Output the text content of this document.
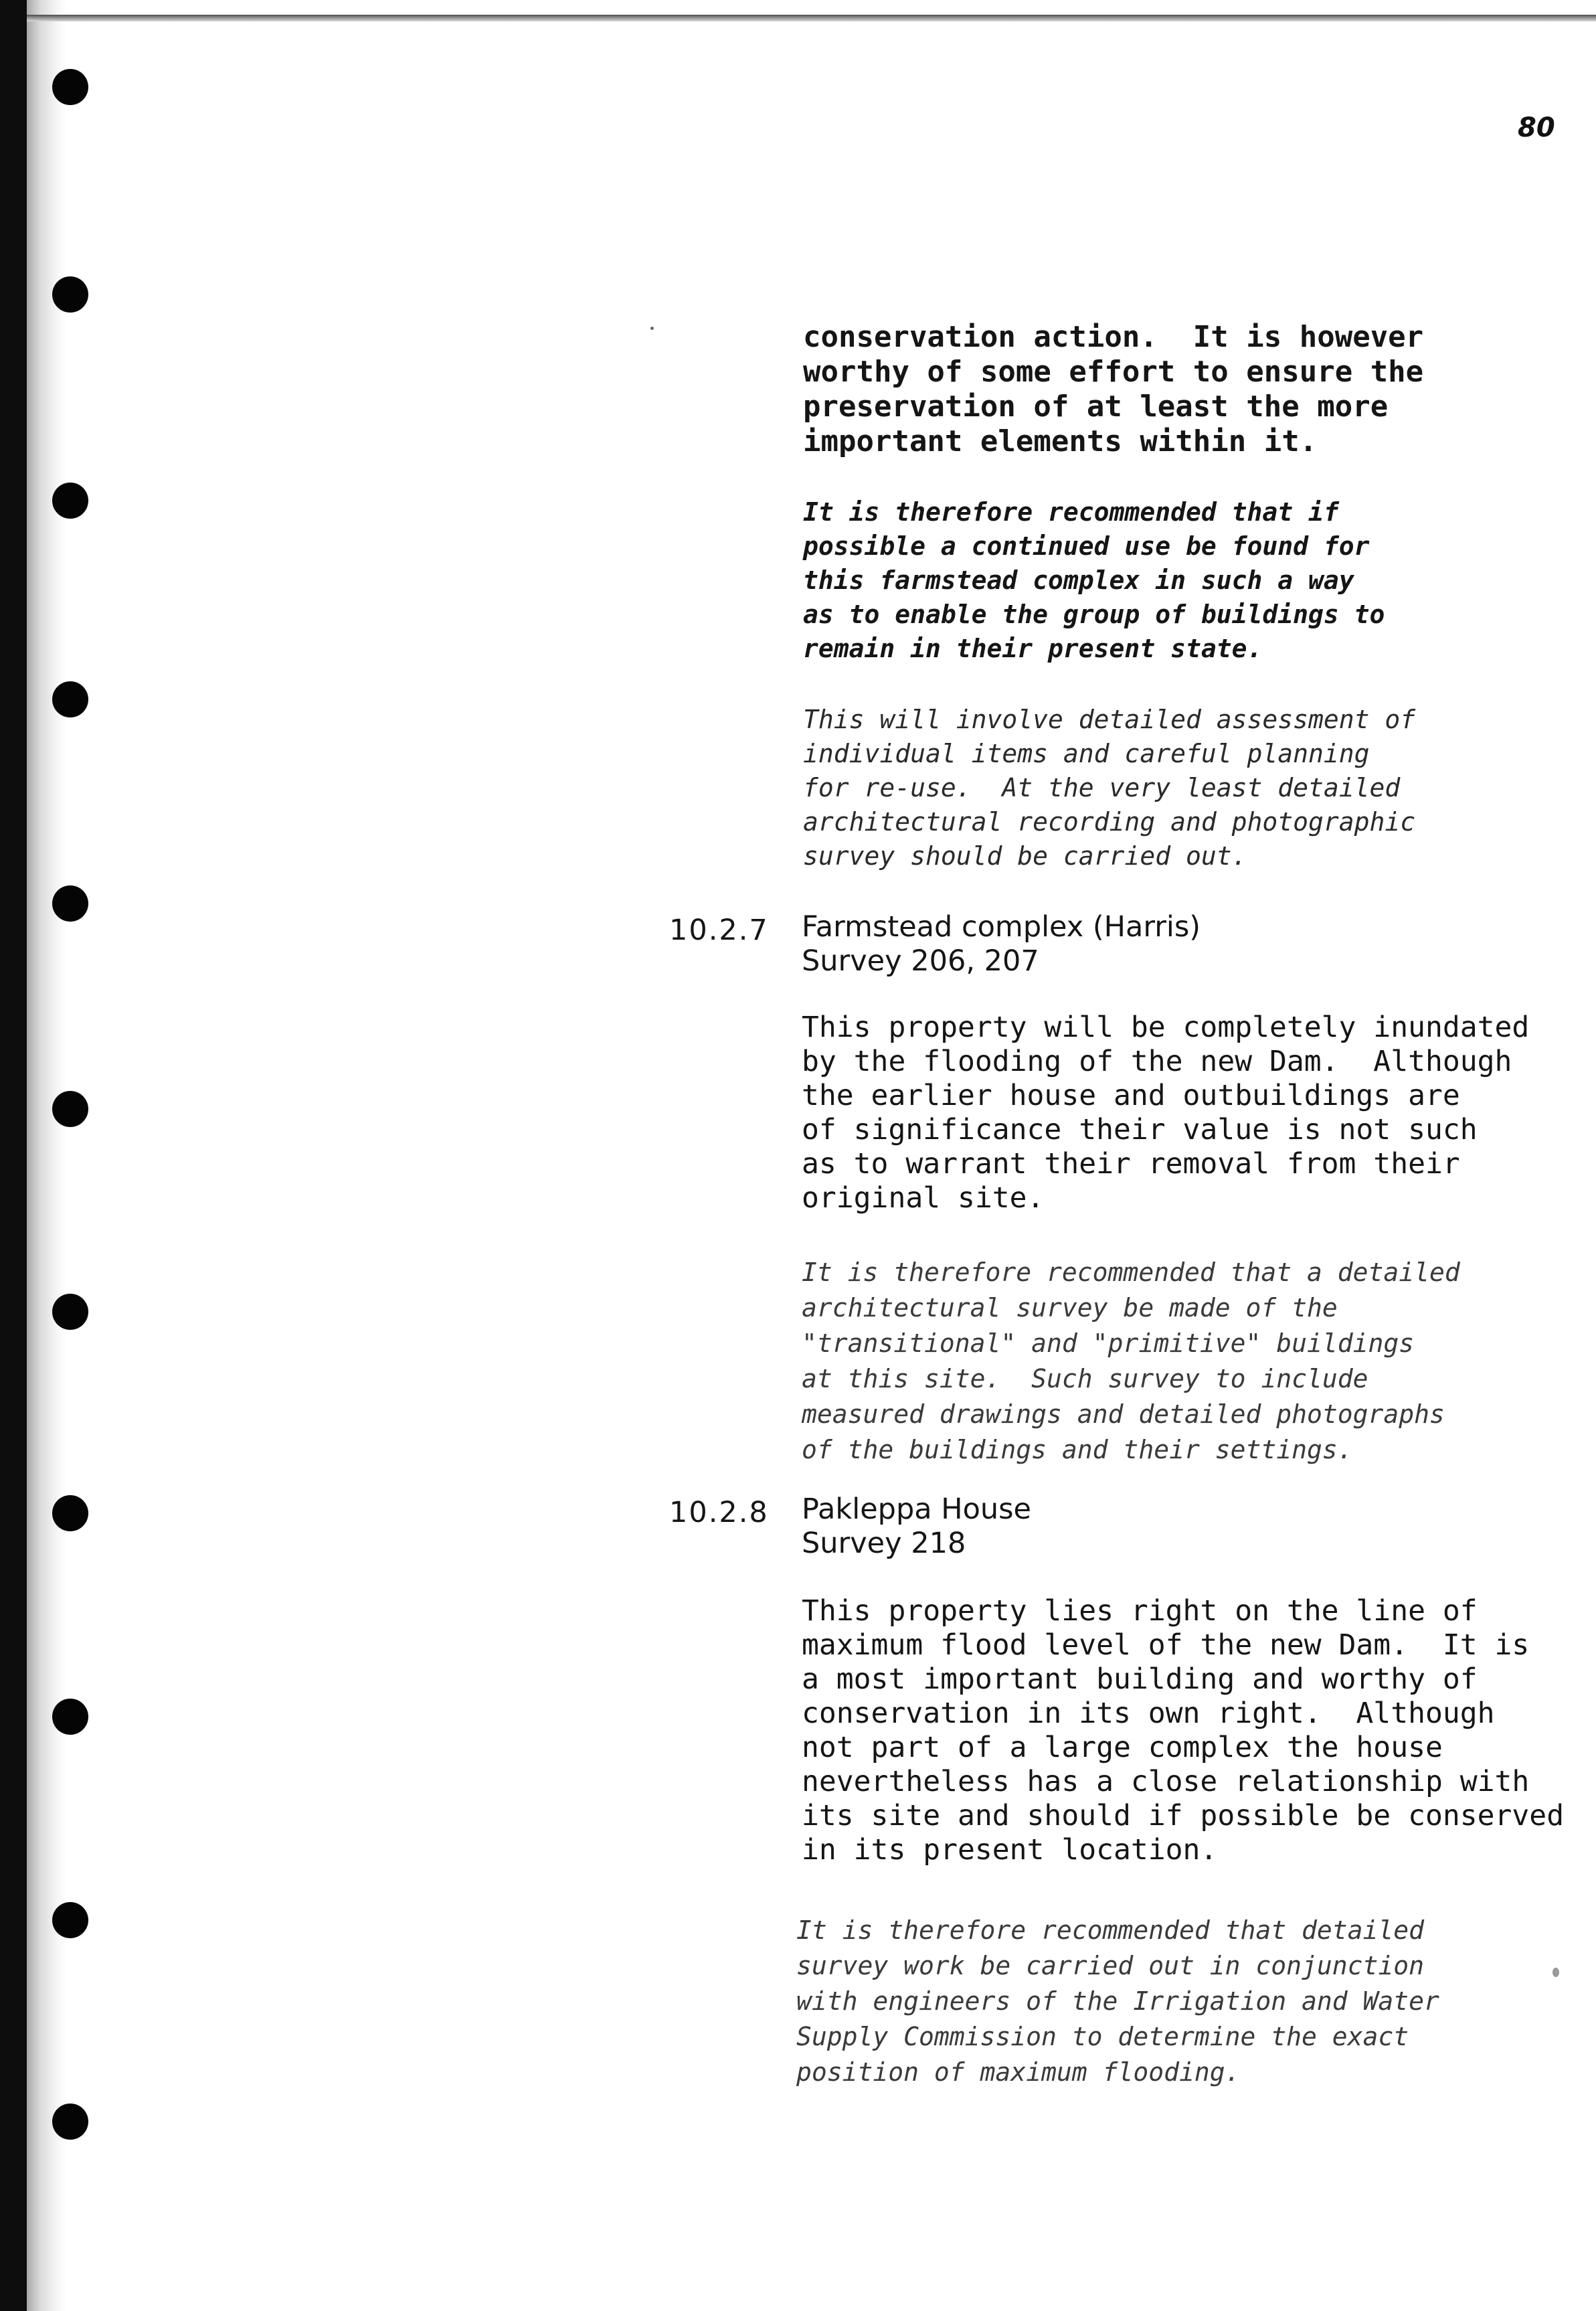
80

conservation action.  It is however
worthy of some effort to ensure the
preservation of at least the more
important elements within it.

It is therefore recommended that if
possible a continued use be found for
this farmstead complex in such a way
as to enable the group of buildings to
remain in their present state.

This will involve detailed assessment of
individual items and careful planning
for re-use.  At the very least detailed
architectural recording and photographic
survey should be carried out.

10.2.7 Farmstead complex (Harris)
Survey 206, 207

This property will be completely inundated
by the flooding of the new Dam.  Although
the earlier house and outbuildings are
of significance their value is not such
as to warrant their removal from their
original site.

It is therefore recommended that a detailed
architectural survey be made of the
"transitional" and "primitive" buildings
at this site.  Such survey to include
measured drawings and detailed photographs
of the buildings and their settings.

10.2.8 Pakleppa House
Survey 218

This property lies right on the line of
maximum flood level of the new Dam.  It is
a most important building and worthy of
conservation in its own right.  Although
not part of a large complex the house
nevertheless has a close relationship with
its site and should if possible be conserved
in its present location.

It is therefore recommended that detailed
survey work be carried out in conjunction
with engineers of the Irrigation and Water
Supply Commission to determine the exact
position of maximum flooding.
